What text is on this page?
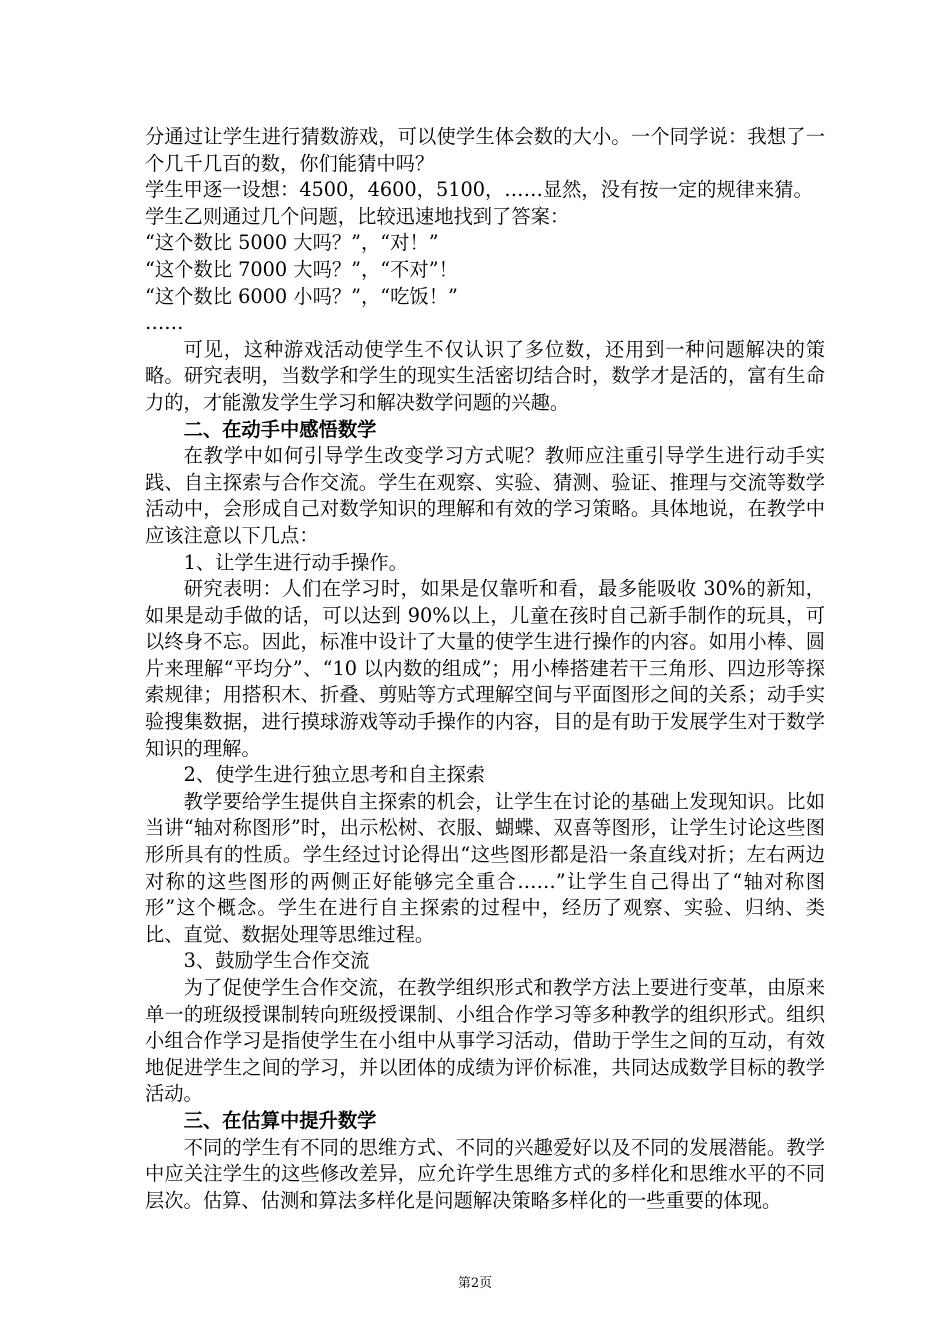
分通过让学生进行猜数游戏，可以使学生体会数的大小。一个同学说：我想了一个几千几百的数，你们能猜中吗？

学生甲逐一设想：4500，4600，5100，……显然，没有按一定的规律来猜。

学生乙则通过几个问题，比较迅速地找到了答案：

“这个数比 5000 大吗？”，“对！”

“这个数比 7000 大吗？”，“不对”！

“这个数比 6000 小吗？”，“吃饭！”

……

可见，这种游戏活动使学生不仅认识了多位数，还用到一种问题解决的策略。研究表明，当数学和学生的现实生活密切结合时，数学才是活的，富有生命力的，才能激发学生学习和解决数学问题的兴趣。

二、在动手中感悟数学

在教学中如何引导学生改变学习方式呢？教师应注重引导学生进行动手实践、自主探索与合作交流。学生在观察、实验、猜测、验证、推理与交流等数学活动中，会形成自己对数学知识的理解和有效的学习策略。具体地说，在教学中应该注意以下几点：

1、让学生进行动手操作。

研究表明：人们在学习时，如果是仅靠听和看，最多能吸收 30%的新知，如果是动手做的话，可以达到 90%以上，儿童在孩时自己新手制作的玩具，可以终身不忘。因此，标准中设计了大量的使学生进行操作的内容。如用小棒、圆片来理解“平均分”、“10 以内数的组成”；用小棒搭建若干三角形、四边形等探索规律；用搭积木、折叠、剪贴等方式理解空间与平面图形之间的关系；动手实验搜集数据，进行摸球游戏等动手操作的内容，目的是有助于发展学生对于数学知识的理解。

2、使学生进行独立思考和自主探索

教学要给学生提供自主探索的机会，让学生在讨论的基础上发现知识。比如当讲“轴对称图形”时，出示松树、衣服、蝴蝶、双喜等图形，让学生讨论这些图形所具有的性质。学生经过讨论得出“这些图形都是沿一条直线对折；左右两边对称的这些图形的两侧正好能够完全重合……”让学生自己得出了“轴对称图形”这个概念。学生在进行自主探索的过程中，经历了观察、实验、归纳、类比、直觉、数据处理等思维过程。

3、鼓励学生合作交流

为了促使学生合作交流，在教学组织形式和教学方法上要进行变革，由原来单一的班级授课制转向班级授课制、小组合作学习等多种教学的组织形式。组织小组合作学习是指使学生在小组中从事学习活动，借助于学生之间的互动，有效地促进学生之间的学习，并以团体的成绩为评价标准，共同达成数学目标的教学活动。

三、在估算中提升数学

不同的学生有不同的思维方式、不同的兴趣爱好以及不同的发展潜能。教学中应关注学生的这些修改差异，应允许学生思维方式的多样化和思维水平的不同层次。估算、估测和算法多样化是问题解决策略多样化的一些重要的体现。

第2页
